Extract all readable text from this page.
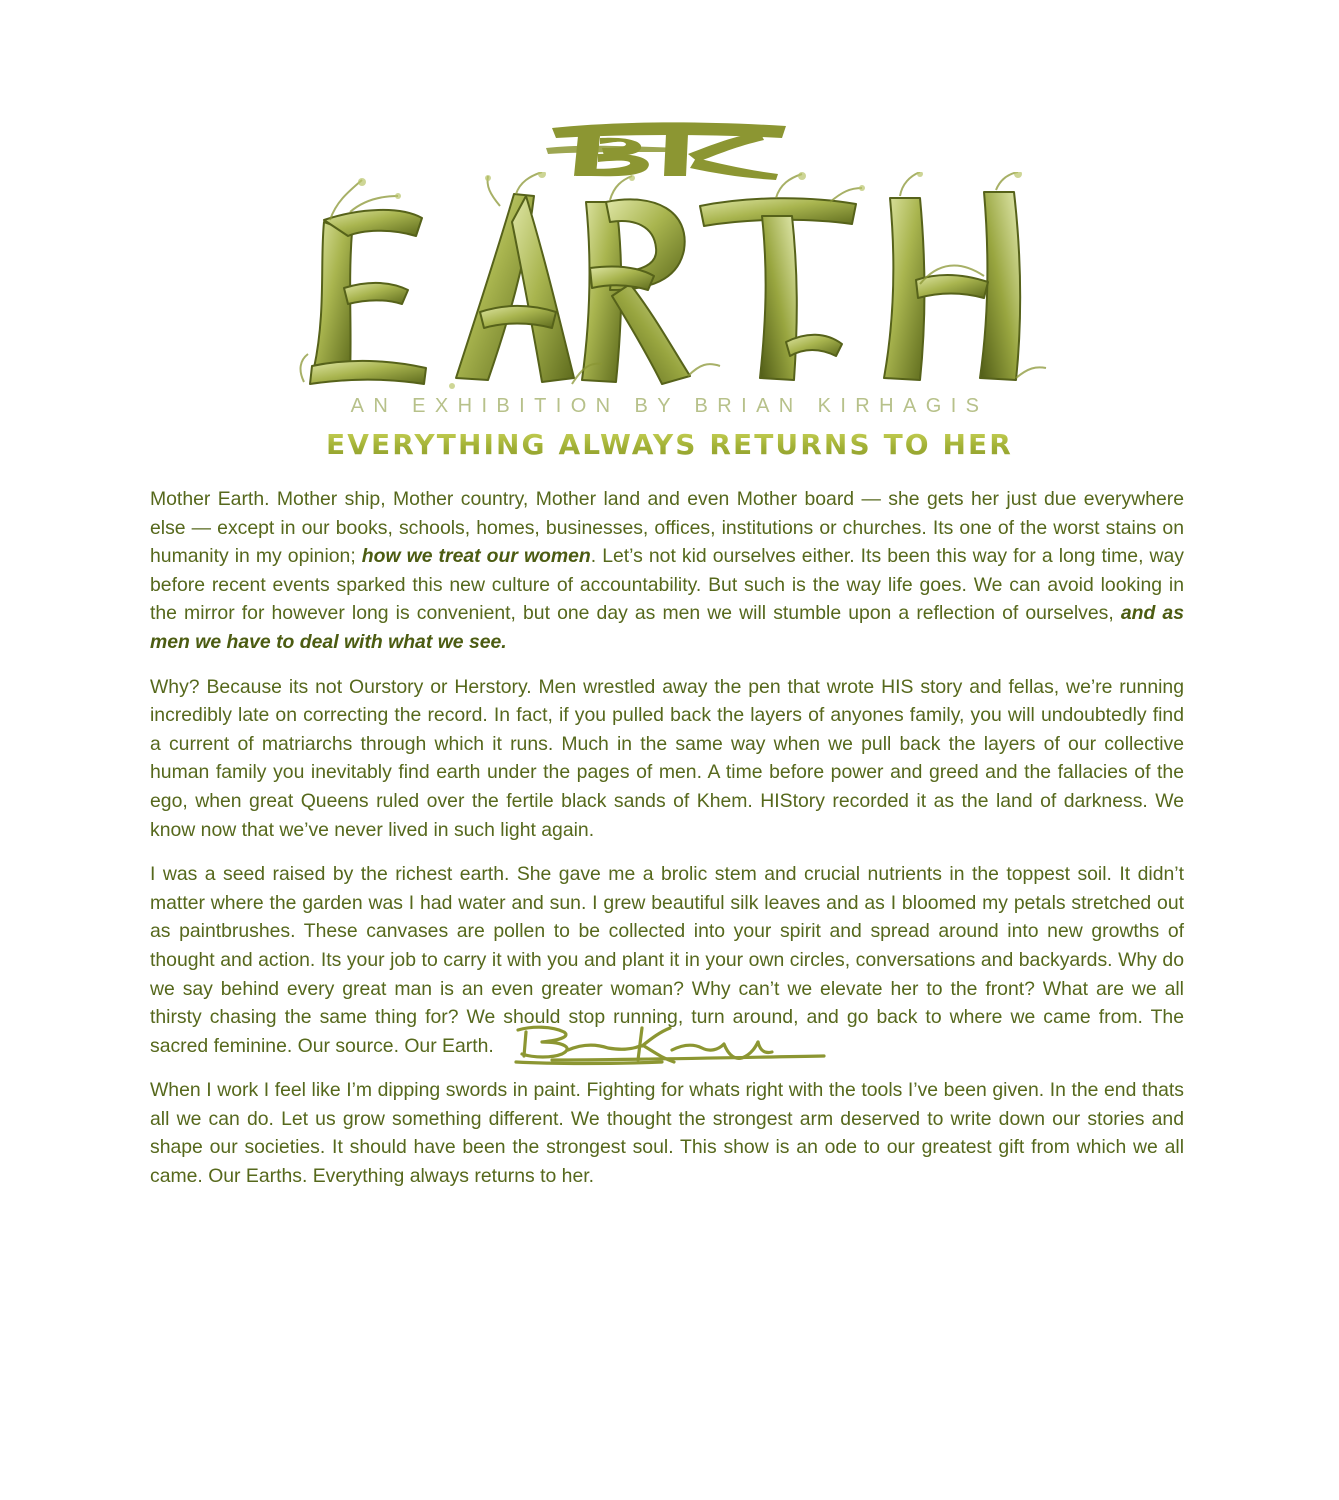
AN EXHIBITION BY BRIAN KIRHAGIS
EVERYTHING ALWAYS RETURNS TO HER

Mother Earth. Mother ship, Mother country, Mother land and even Mother board — she gets her just due everywhere else — except in our books, schools, homes, businesses, offices, institutions or churches. Its one of the worst stains on humanity in my opinion; how we treat our women. Let’s not kid ourselves either. Its been this way for a long time, way before recent events sparked this new culture of accountability. But such is the way life goes. We can avoid looking in the mirror for however long is convenient, but one day as men we will stumble upon a reflection of ourselves, and as men we have to deal with what we see.

Why? Because its not Ourstory or Herstory. Men wrestled away the pen that wrote HIS story and fellas, we’re running incredibly late on correcting the record. In fact, if you pulled back the layers of anyones family, you will undoubtedly find a current of matriarchs through which it runs. Much in the same way when we pull back the layers of our collective human family you inevitably find earth under the pages of men. A time before power and greed and the fallacies of the ego, when great Queens ruled over the fertile black sands of Khem. HIStory recorded it as the land of darkness. We know now that we’ve never lived in such light again.

I was a seed raised by the richest earth. She gave me a brolic stem and crucial nutrients in the toppest soil. It didn’t matter where the garden was I had water and sun. I grew beautiful silk leaves and as I bloomed my petals stretched out as paintbrushes. These canvases are pollen to be collected into your spirit and spread around into new growths of thought and action. Its your job to carry it with you and plant it in your own circles, conversations and backyards. Why do we say behind every great man is an even greater woman? Why can’t we elevate her to the front? What are we all thirsty chasing the same thing for? We should stop running, turn around, and go back to where we came from. The sacred feminine. Our source. Our Earth.

When I work I feel like I’m dipping swords in paint. Fighting for whats right with the tools I’ve been given. In the end thats all we can do. Let us grow something different. We thought the strongest arm deserved to write down our stories and shape our societies. It should have been the strongest soul. This show is an ode to our greatest gift from which we all came. Our Earths. Everything always returns to her.
